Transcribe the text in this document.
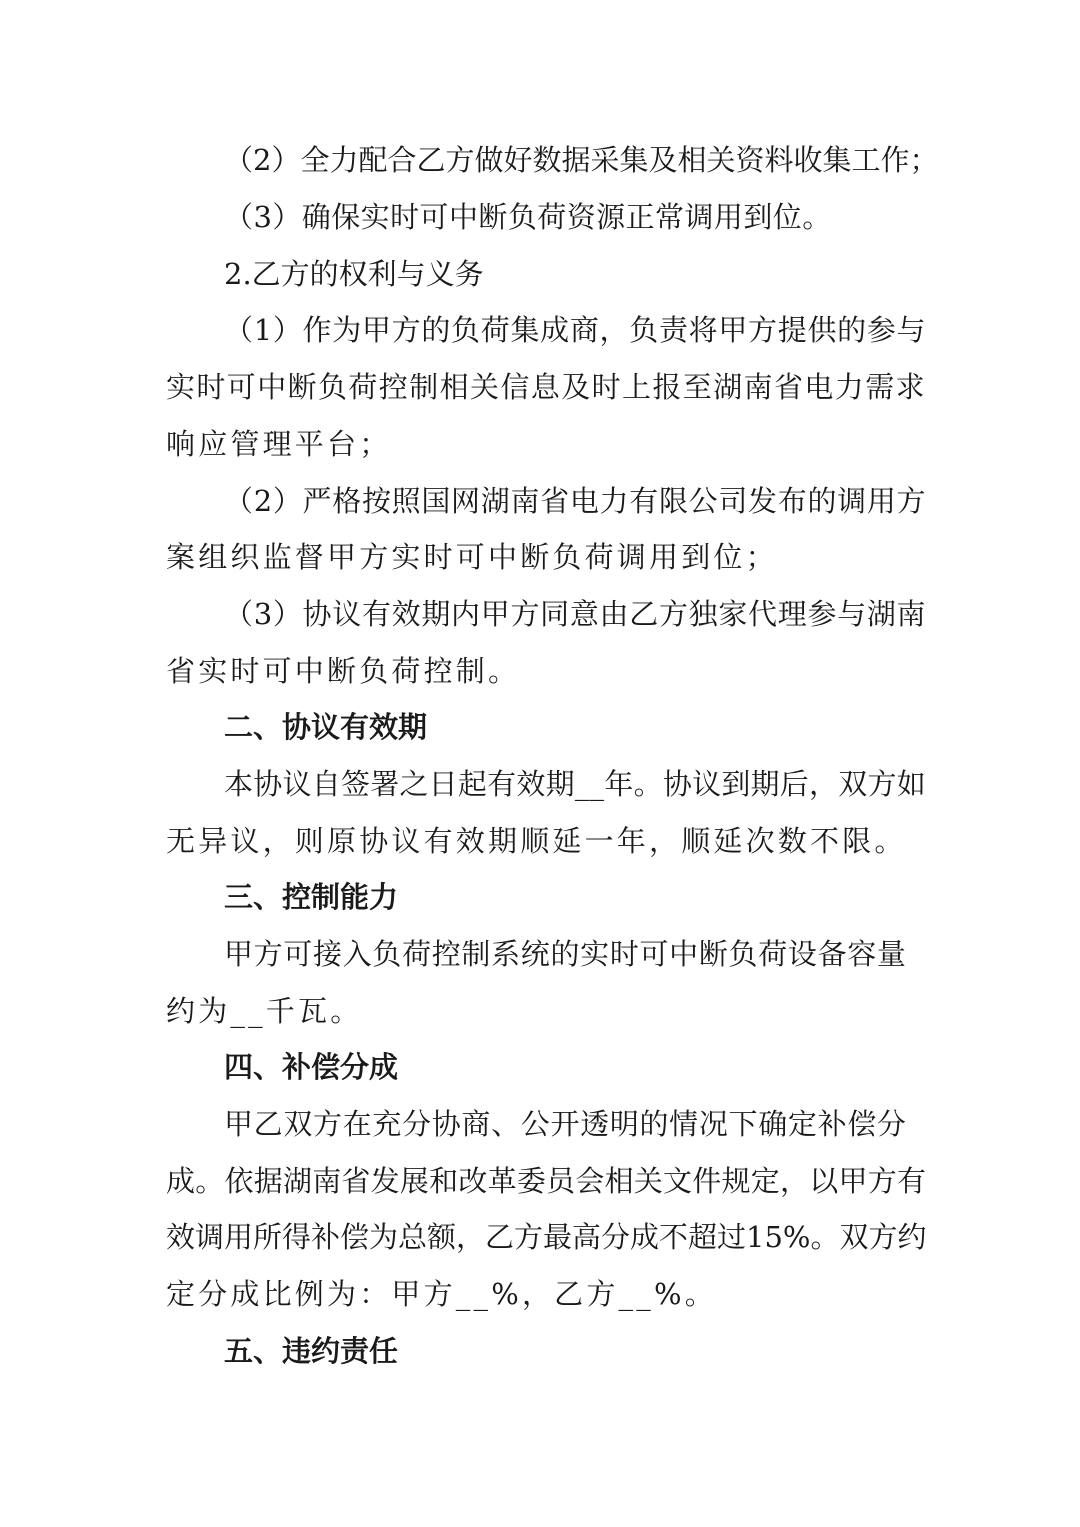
（2）全力配合乙方做好数据采集及相关资料收集工作；
（3）确保实时可中断负荷资源正常调用到位。
2.乙方的权利与义务
（1）作为甲方的负荷集成商，负责将甲方提供的参与
实时可中断负荷控制相关信息及时上报至湖南省电力需求
响应管理平台；
（2）严格按照国网湖南省电力有限公司发布的调用方
案组织监督甲方实时可中断负荷调用到位；
（3）协议有效期内甲方同意由乙方独家代理参与湖南
省实时可中断负荷控制。
二、协议有效期
本协议自签署之日起有效期__年。协议到期后，双方如
无异议，则原协议有效期顺延一年，顺延次数不限。
三、控制能力
甲方可接入负荷控制系统的实时可中断负荷设备容量
约为__千瓦。
四、补偿分成
甲乙双方在充分协商、公开透明的情况下确定补偿分
成。依据湖南省发展和改革委员会相关文件规定，以甲方有
效调用所得补偿为总额，乙方最高分成不超过15%。双方约
定分成比例为：甲方__%，乙方__%。
五、违约责任
